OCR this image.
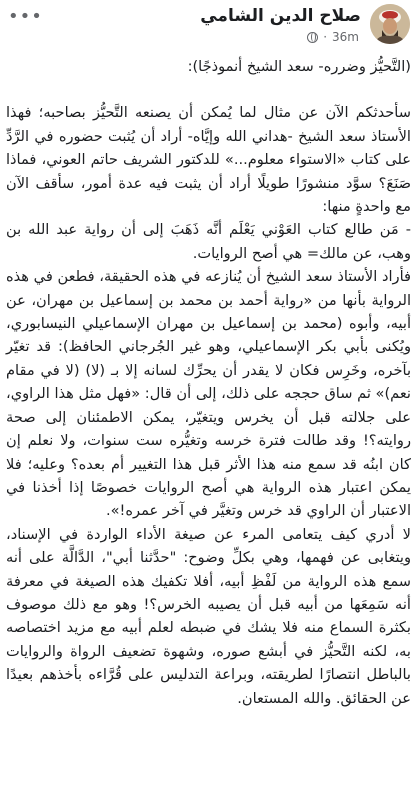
صلاح الدين الشامي
· 36m
•••

(التَّحيُّز وضرره- سعد الشيخ أنموذجًا):

سأحدثكم الآن عن مثال لما يُمكن أن يصنعه التَّحيُّز بصاحبه؛ فهذا الأستاذ سعد الشيخ -هداني الله وإيَّاه- أراد أن يُثبت حضوره في الرَّدِّ على كتاب «الاستواء معلوم...» للدكتور الشريف حاتم العوني، فماذا صَنَعَ؟ سوَّد منشورًا طويلًا أراد أن يثبت فيه عدة أمور، سأقف الآن مع واحدةٍ منها:

- مَن طالع كتاب العَوْني يَعْلَم أنَّه ذَهَبَ إلى أن رواية عبد الله بن وهب، عن مالك= هي أصح الروايات.

فأراد الأستاذ سعد الشيخ أن يُنازعه في هذه الحقيقة، فطعن في هذه الرواية بأنها من «رواية أحمد بن محمد بن إسماعيل بن مهران، عن أبيه، وأبوه (محمد بن إسماعيل بن مهران الإسماعيلي النيسابوري، ويُكنى بأبي بكر الإسماعيلي، وهو غير الجُرجاني الحافظ): قد تغيّر بآخره، وخَرِس فكان لا يقدر أن يحرِّك لسانه إلا بـ (لا) (لا في مقام نعم)» ثم ساق حججه على ذلك، إلى أن قال: «فهل مثل هذا الراوي، على جلالته قبل أن يخرس ويتغيّر، يمكن الاطمئنان إلى صحة روايته؟! وقد طالت فترة خرسه وتغيُّره ست سنوات، ولا نعلم إن كان ابنُه قد سمع منه هذا الأثر قبل هذا التغيير أم بعده؟ وعليه؛ فلا يمكن اعتبار هذه الرواية هي أصح الروايات خصوصًا إذا أخذنا في الاعتبار أن الراوي قد خرس وتغيَّر في آخر عمره!».

لا أدري كيف يتعامى المرء عن صيغة الأداء الواردة في الإسناد، ويتغابى عن فهمها، وهي بكلِّ وضوح: "حدَّثنا أبي"، الدَّالَّة على أنه سمع هذه الرواية من لَفْظِ أبيه، أفلا تكفيك هذه الصيغة في معرفة أنه سَمِعَها من أبيه قبل أن يصيبه الخرس؟! وهو مع ذلك موصوف بكثرة السماع منه فلا يشك في ضبطه لعلم أبيه مع مزيد اختصاصه به، لكنه التَّحيُّز في أبشع صوره، وشهوة تضعيف الرواة والروايات بالباطل انتصارًا لطريقته، وبراعة التدليس على قُرَّاءه بأخذهم بعيدًا عن الحقائق. والله المستعان.
